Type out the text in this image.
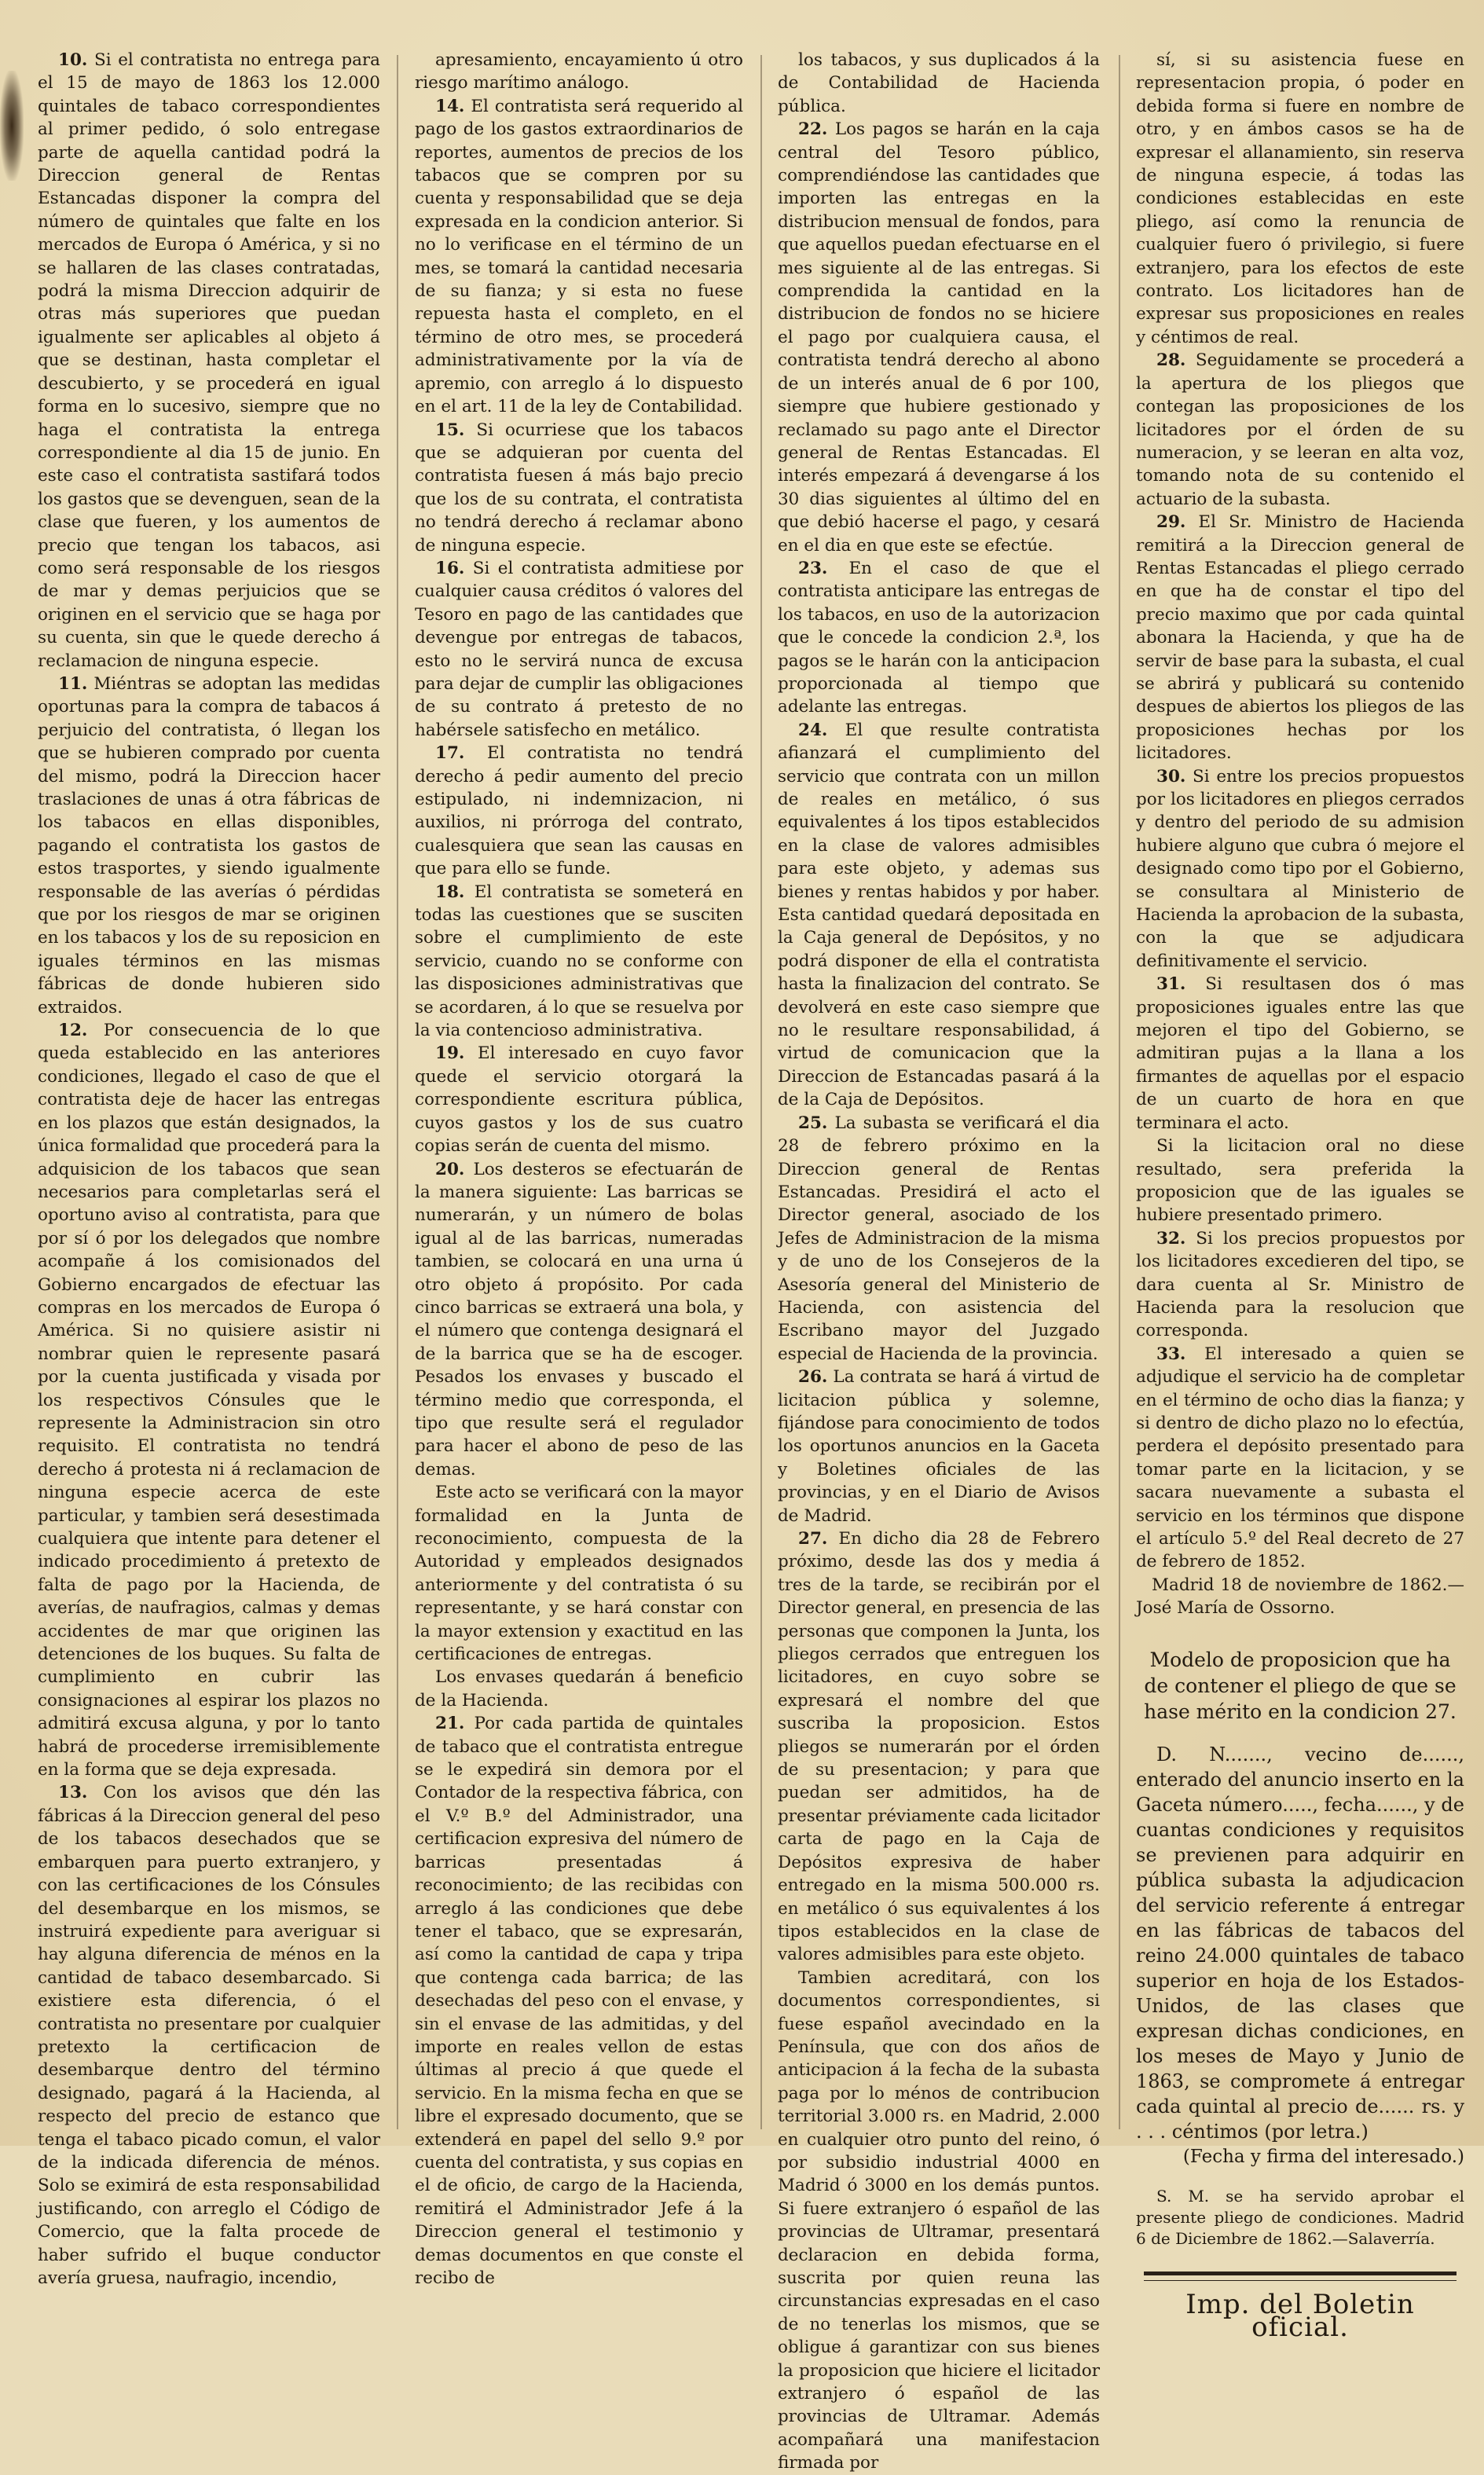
10. Si el contratista no entrega para el 15 de mayo de 1863 los 12.000 quintales de tabaco correspondientes al primer pedido, ó solo entregase parte de aquella cantidad podrá la Direccion general de Rentas Estancadas disponer la compra del número de quintales que falte en los mercados de Europa ó América, y si no se hallaren de las clases contratadas, podrá la misma Direccion adquirir de otras más superiores que puedan igualmente ser aplicables al objeto á que se destinan, hasta completar el descubierto, y se procederá en igual forma en lo sucesivo, siempre que no haga el contratista la entrega correspondiente al dia 15 de junio. En este caso el contratista sastifará todos los gastos que se devenguen, sean de la clase que fueren, y los aumentos de precio que tengan los tabacos, asi como será responsable de los riesgos de mar y demas perjuicios que se originen en el servicio que se haga por su cuenta, sin que le quede derecho á reclamacion de ninguna especie.

11. Miéntras se adoptan las medidas oportunas para la compra de tabacos á perjuicio del contratista, ó llegan los que se hubieren comprado por cuenta del mismo, podrá la Direccion hacer traslaciones de unas á otra fábricas de los tabacos en ellas disponibles, pagando el contratista los gastos de estos trasportes, y siendo igualmente responsable de las averías ó pérdidas que por los riesgos de mar se originen en los tabacos y los de su reposicion en iguales términos en las mismas fábricas de donde hubieren sido extraidos.

12. Por consecuencia de lo que queda establecido en las anteriores condiciones, llegado el caso de que el contratista deje de hacer las entregas en los plazos que están designados, la única formalidad que procederá para la adquisicion de los tabacos que sean necesarios para completarlas será el oportuno aviso al contratista, para que por sí ó por los delegados que nombre acompañe á los comisionados del Gobierno encargados de efectuar las compras en los mercados de Europa ó América. Si no quisiere asistir ni nombrar quien le represente pasará por la cuenta justificada y visada por los respectivos Cónsules que le represente la Administracion sin otro requisito. El contratista no tendrá derecho á protesta ni á reclamacion de ninguna especie acerca de este particular, y tambien será desestimada cualquiera que intente para detener el indicado procedimiento á pretexto de falta de pago por la Hacienda, de averías, de naufragios, calmas y demas accidentes de mar que originen las detenciones de los buques. Su falta de cumplimiento en cubrir las consignaciones al espirar los plazos no admitirá excusa alguna, y por lo tanto habrá de procederse irremisiblemente en la forma que se deja expresada.

13. Con los avisos que dén las fábricas á la Direccion general del peso de los tabacos desechados que se embarquen para puerto extranjero, y con las certificaciones de los Cónsules del desembarque en los mismos, se instruirá expediente para averiguar si hay alguna diferencia de ménos en la cantidad de tabaco desembarcado. Si existiere esta diferencia, ó el contratista no presentare por cualquier pretexto la certificacion de desembarque dentro del término designado, pagará á la Hacienda, al respecto del precio de estanco que tenga el tabaco picado comun, el valor de la indicada diferencia de ménos. Solo se eximirá de esta responsabilidad justificando, con arreglo el Código de Comercio, que la falta procede de haber sufrido el buque conductor avería gruesa, naufragio, incendio,

apresamiento, encayamiento ú otro riesgo marítimo análogo.

14. El contratista será requerido al pago de los gastos extraordinarios de reportes, aumentos de precios de los tabacos que se compren por su cuenta y responsabilidad que se deja expresada en la condicion anterior. Si no lo verificase en el término de un mes, se tomará la cantidad necesaria de su fianza; y si esta no fuese repuesta hasta el completo, en el término de otro mes, se procederá administrativamente por la vía de apremio, con arreglo á lo dispuesto en el art. 11 de la ley de Contabilidad.

15. Si ocurriese que los tabacos que se adquieran por cuenta del contratista fuesen á más bajo precio que los de su contrata, el contratista no tendrá derecho á reclamar abono de ninguna especie.

16. Si el contratista admitiese por cualquier causa créditos ó valores del Tesoro en pago de las cantidades que devengue por entregas de tabacos, esto no le servirá nunca de excusa para dejar de cumplir las obligaciones de su contrato á pretesto de no habérsele satisfecho en metálico.

17. El contratista no tendrá derecho á pedir aumento del precio estipulado, ni indemnizacion, ni auxilios, ni prórroga del contrato, cualesquiera que sean las causas en que para ello se funde.

18. El contratista se someterá en todas las cuestiones que se susciten sobre el cumplimiento de este servicio, cuando no se conforme con las disposiciones administrativas que se acordaren, á lo que se resuelva por la via contencioso administrativa.

19. El interesado en cuyo favor quede el servicio otorgará la correspondiente escritura pública, cuyos gastos y los de sus cuatro copias serán de cuenta del mismo.

20. Los desteros se efectuarán de la manera siguiente: Las barricas se numerarán, y un número de bolas igual al de las barricas, numeradas tambien, se colocará en una urna ú otro objeto á propósito. Por cada cinco barricas se extraerá una bola, y el número que contenga designará el de la barrica que se ha de escoger. Pesados los envases y buscado el término medio que corresponda, el tipo que resulte será el regulador para hacer el abono de peso de las demas.

Este acto se verificará con la mayor formalidad en la Junta de reconocimiento, compuesta de la Autoridad y empleados designados anteriormente y del contratista ó su representante, y se hará constar con la mayor extension y exactitud en las certificaciones de entregas.

Los envases quedarán á beneficio de la Hacienda.

21. Por cada partida de quintales de tabaco que el contratista entregue se le expedirá sin demora por el Contador de la respectiva fábrica, con el V.º B.º del Administrador, una certificacion expresiva del número de barricas presentadas á reconocimiento; de las recibidas con arreglo á las condiciones que debe tener el tabaco, que se expresarán, así como la cantidad de capa y tripa que contenga cada barrica; de las desechadas del peso con el envase, y sin el envase de las admitidas, y del importe en reales vellon de estas últimas al precio á que quede el servicio. En la misma fecha en que se libre el expresado documento, que se extenderá en papel del sello 9.º por cuenta del contratista, y sus copias en el de oficio, de cargo de la Hacienda, remitirá el Administrador Jefe á la Direccion general el testimonio y demas documentos en que conste el recibo de

los tabacos, y sus duplicados á la de Contabilidad de Hacienda pública.

22. Los pagos se harán en la caja central del Tesoro público, comprendiéndose las cantidades que importen las entregas en la distribucion mensual de fondos, para que aquellos puedan efectuarse en el mes siguiente al de las entregas. Si comprendida la cantidad en la distribucion de fondos no se hiciere el pago por cualquiera causa, el contratista tendrá derecho al abono de un interés anual de 6 por 100, siempre que hubiere gestionado y reclamado su pago ante el Director general de Rentas Estancadas. El interés empezará á devengarse á los 30 dias siguientes al último del en que debió hacerse el pago, y cesará en el dia en que este se efectúe.

23. En el caso de que el contratista anticipare las entregas de los tabacos, en uso de la autorizacion que le concede la condicion 2.ª, los pagos se le harán con la anticipacion proporcionada al tiempo que adelante las entregas.

24. El que resulte contratista afianzará el cumplimiento del servicio que contrata con un millon de reales en metálico, ó sus equivalentes á los tipos establecidos en la clase de valores admisibles para este objeto, y ademas sus bienes y rentas habidos y por haber. Esta cantidad quedará depositada en la Caja general de Depósitos, y no podrá disponer de ella el contratista hasta la finalizacion del contrato. Se devolverá en este caso siempre que no le resultare responsabilidad, á virtud de comunicacion que la Direccion de Estancadas pasará á la de la Caja de Depósitos.

25. La subasta se verificará el dia 28 de febrero próximo en la Direccion general de Rentas Estancadas. Presidirá el acto el Director general, asociado de los Jefes de Administracion de la misma y de uno de los Consejeros de la Asesoría general del Ministerio de Hacienda, con asistencia del Escribano mayor del Juzgado especial de Hacienda de la provincia.

26. La contrata se hará á virtud de licitacion pública y solemne, fijándose para conocimiento de todos los oportunos anuncios en la Gaceta y Boletines oficiales de las provincias, y en el Diario de Avisos de Madrid.

27. En dicho dia 28 de Febrero próximo, desde las dos y media á tres de la tarde, se recibirán por el Director general, en presencia de las personas que componen la Junta, los pliegos cerrados que entreguen los licitadores, en cuyo sobre se expresará el nombre del que suscriba la proposicion. Estos pliegos se numerarán por el órden de su presentacion; y para que puedan ser admitidos, ha de presentar préviamente cada licitador carta de pago en la Caja de Depósitos expresiva de haber entregado en la misma 500.000 rs. en metálico ó sus equivalentes á los tipos establecidos en la clase de valores admisibles para este objeto.

Tambien acreditará, con los documentos correspondientes, si fuese español avecindado en la Península, que con dos años de anticipacion á la fecha de la subasta paga por lo ménos de contribucion territorial 3.000 rs. en Madrid, 2.000 en cualquier otro punto del reino, ó por subsidio industrial 4000 en Madrid ó 3000 en los demás puntos. Si fuere extranjero ó español de las provincias de Ultramar, presentará declaracion en debida forma, suscrita por quien reuna las circunstancias expresadas en el caso de no tenerlas los mismos, que se obligue á garantizar con sus bienes la proposicion que hiciere el licitador extranjero ó español de las provincias de Ultramar. Además acompañará una manifestacion firmada por

sí, si su asistencia fuese en representacion propia, ó poder en debida forma si fuere en nombre de otro, y en ámbos casos se ha de expresar el allanamiento, sin reserva de ninguna especie, á todas las condiciones establecidas en este pliego, así como la renuncia de cualquier fuero ó privilegio, si fuere extranjero, para los efectos de este contrato. Los licitadores han de expresar sus proposiciones en reales y céntimos de real.

28. Seguidamente se procederá a la apertura de los pliegos que contegan las proposiciones de los licitadores por el órden de su numeracion, y se leeran en alta voz, tomando nota de su contenido el actuario de la subasta.

29. El Sr. Ministro de Hacienda remitirá a la Direccion general de Rentas Estancadas el pliego cerrado en que ha de constar el tipo del precio maximo que por cada quintal abonara la Hacienda, y que ha de servir de base para la subasta, el cual se abrirá y publicará su contenido despues de abiertos los pliegos de las proposiciones hechas por los licitadores.

30. Si entre los precios propuestos por los licitadores en pliegos cerrados y dentro del periodo de su admision hubiere alguno que cubra ó mejore el designado como tipo por el Gobierno, se consultara al Ministerio de Hacienda la aprobacion de la subasta, con la que se adjudicara definitivamente el servicio.

31. Si resultasen dos ó mas proposiciones iguales entre las que mejoren el tipo del Gobierno, se admitiran pujas a la llana a los firmantes de aquellas por el espacio de un cuarto de hora en que terminara el acto.

Si la licitacion oral no diese resultado, sera preferida la proposicion que de las iguales se hubiere presentado primero.

32. Si los precios propuestos por los licitadores excedieren del tipo, se dara cuenta al Sr. Ministro de Hacienda para la resolucion que corresponda.

33. El interesado a quien se adjudique el servicio ha de completar en el término de ocho dias la fianza; y si dentro de dicho plazo no lo efectúa, perdera el depósito presentado para tomar parte en la licitacion, y se sacara nuevamente a subasta el servicio en los términos que dispone el artículo 5.º del Real decreto de 27 de febrero de 1852.

Madrid 18 de noviembre de 1862.—José María de Ossorno.

Modelo de proposicion que ha de contener el pliego de que se hase mérito en la condicion 27.

D. N......., vecino de......, enterado del anuncio inserto en la Gaceta número....., fecha......, y de cuantas condiciones y requisitos se previenen para adquirir en pública subasta la adjudicacion del servicio referente á entregar en las fábricas de tabacos del reino 24.000 quintales de tabaco superior en hoja de los Estados-Unidos, de las clases que expresan dichas condiciones, en los meses de Mayo y Junio de 1863, se compromete á entregar cada quintal al precio de...... rs. y . . . céntimos (por letra.)

(Fecha y firma del interesado.)

S. M. se ha servido aprobar el presente pliego de condiciones. Madrid 6 de Diciembre de 1862.—Salaverría.

Imp. del Boletin oficial.
